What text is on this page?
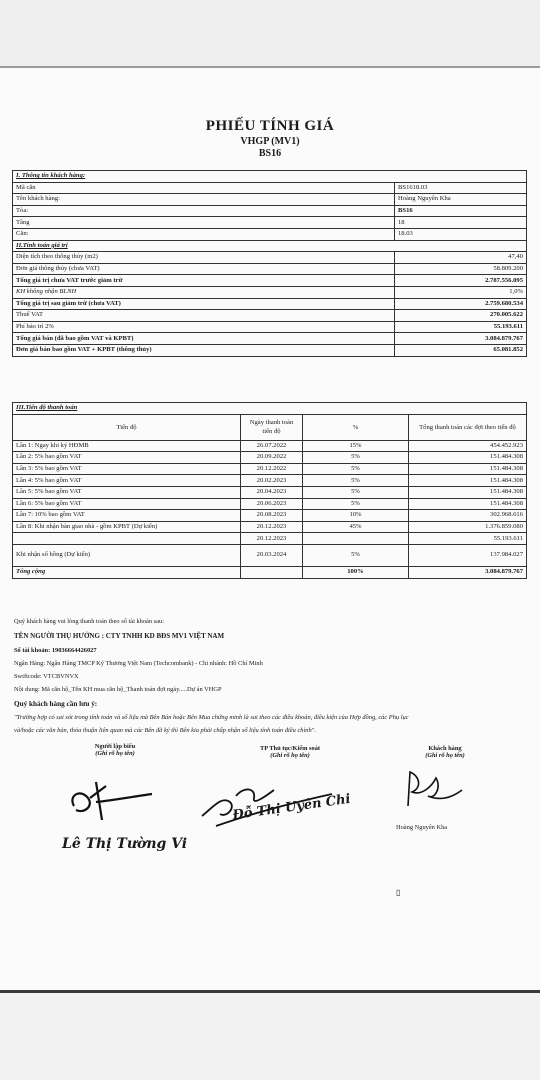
PHIẾU TÍNH GIÁ
VHGP (MV1)
BS16
I. Thông tin khách hàng:	
Mã căn	BS1618.03
Tên khách hàng:	Hoàng Nguyên Kha
Tòa:	BS16
Tầng	18
Căn:	18.03
II.Tính toán giá trị	
Diện tích theo thông thủy (m2)	47,40
Đơn giá thông thủy (chưa VAT)	58.809.200
Tổng giá trị chưa VAT trước giảm trừ	2.787.556.095
KH không nhận BLNH	1,0%
Tổng giá trị sau giảm trừ (chưa VAT)	2.759.680.534
Thuế VAT	270.005.622
Phí bảo trì 2%	55.193.611
Tổng giá bán (đã bao gồm VAT và KPBT)	3.084.879.767
Đơn giá bán bao gồm VAT + KPBT (thông thủy)	65.081.852
III.Tiến độ thanh toán			
Tiến độ	Ngày thanh toán tiến độ	%	Tổng thanh toán các đợt theo tiến độ
Lần 1: Ngay khi ký HĐMB	26.07.2022	15%	454.452.923
Lần 2: 5% bao gồm VAT	20.09.2022	5%	151.484.308
Lần 3: 5% bao gồm VAT	20.12.2022	5%	151.484.308
Lần 4: 5% bao gồm VAT	20.02.2023	5%	151.484.308
Lần 5: 5% bao gồm VAT	20.04.2023	5%	151.484.308
Lần 6: 5% bao gồm VAT	20.06.2023	5%	151.484.308
Lần 7: 10% bao gồm VAT	20.08.2023	10%	302.968.616
Lần 8: Khi nhận bàn giao nhà - gồm KPBT (Dự kiến)	20.12.2023	45%	1.376.859.080
	20.12.2023		55.193.611
Khi nhận sổ hồng (Dự kiến)	20.03.2024	5%	137.984.027
Tổng cộng		100%	3.084.879.767
Quý khách hàng vui lòng thanh toán theo số tài khoản sau:
TÊN NGƯỜI THỤ HƯỞNG : CTY TNHH KD BĐS MV1 VIỆT NAM
Số tài khoản: 19036664426027
Ngân Hàng: Ngân Hàng TMCP Kỹ Thương Việt Nam (Techcombank) - Chi nhánh: Hồ Chí Minh
Swiftcode: VTCBVNVX
Nội dung: Mã căn hộ_Tên KH mua căn hộ_Thanh toán đợt ngày.....Dự án VHGP
Quý khách hàng cần lưu ý:
"Trường hợp có sai sót trong tính toán và số liệu mà Bên Bán hoặc Bên Mua chứng minh là sai theo các điều khoản, điều kiện của Hợp đồng, các Phụ lục
và/hoặc các văn bản, thỏa thuận liên quan mà các Bên đã ký thì Bên kia phải chấp nhận số liệu tính toán điều chỉnh".
Người lập biểu
(Ghi rõ họ tên)
TP Thủ tục/Kiểm soát
(Ghi rõ họ tên)
Khách hàng
(Ghi rõ họ tên)
Lê Thị Tường Vi
Đỗ Thị Uyên Chi
Hoàng Nguyên Kha
▯
